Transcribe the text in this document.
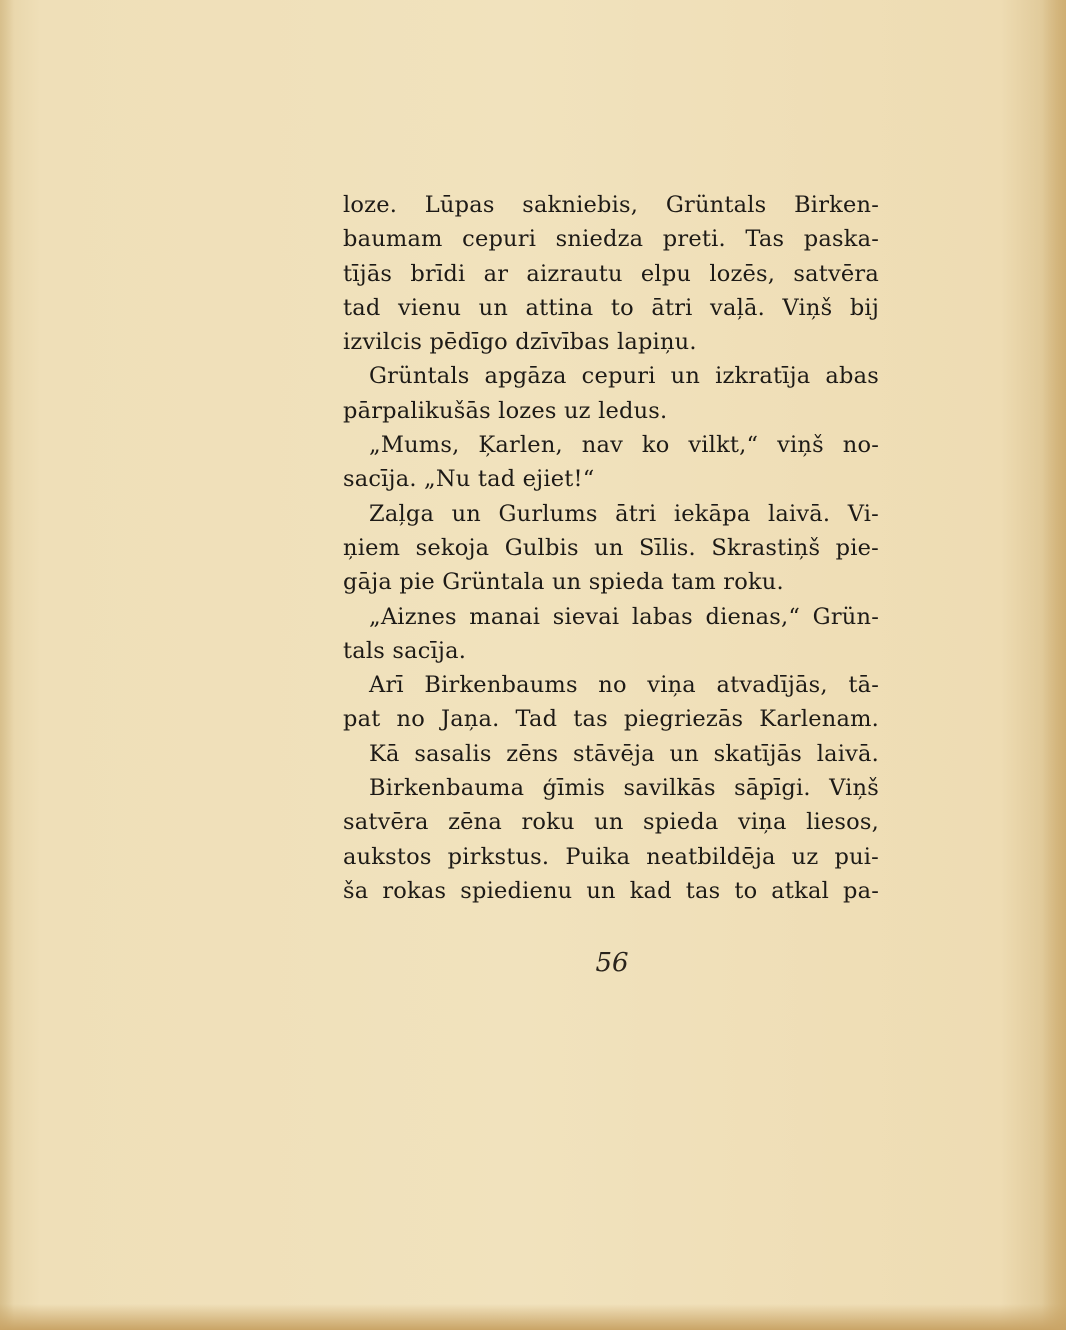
loze. Lūpas sakniebis, Grüntals Birken-
baumam cepuri sniedza preti. Tas paska-
tījās brīdi ar aizrautu elpu lozēs, satvēra
tad vienu un attina to ātri vaļā. Viņš bij
izvilcis pēdīgo dzīvības lapiņu.
Grüntals apgāza cepuri un izkratīja abas
pārpalikušās lozes uz ledus.
„Mums, Ķarlen, nav ko vilkt,“ viņš no-
sacīja. „Nu tad ejiet!“
Zaļga un Gurlums ātri iekāpa laivā. Vi-
ņiem sekoja Gulbis un Sīlis. Skrastiņš pie-
gāja pie Grüntala un spieda tam roku.
„Aiznes manai sievai labas dienas,“ Grün-
tals sacīja.
Arī Birkenbaums no viņa atvadījās, tā-
pat no Jaņa. Tad tas piegriezās Karlenam.
Kā sasalis zēns stāvēja un skatījās laivā.
Birkenbauma ģīmis savilkās sāpīgi. Viņš
satvēra zēna roku un spieda viņa liesos,
aukstos pirkstus. Puika neatbildēja uz pui-
ša rokas spiedienu un kad tas to atkal pa-
56
